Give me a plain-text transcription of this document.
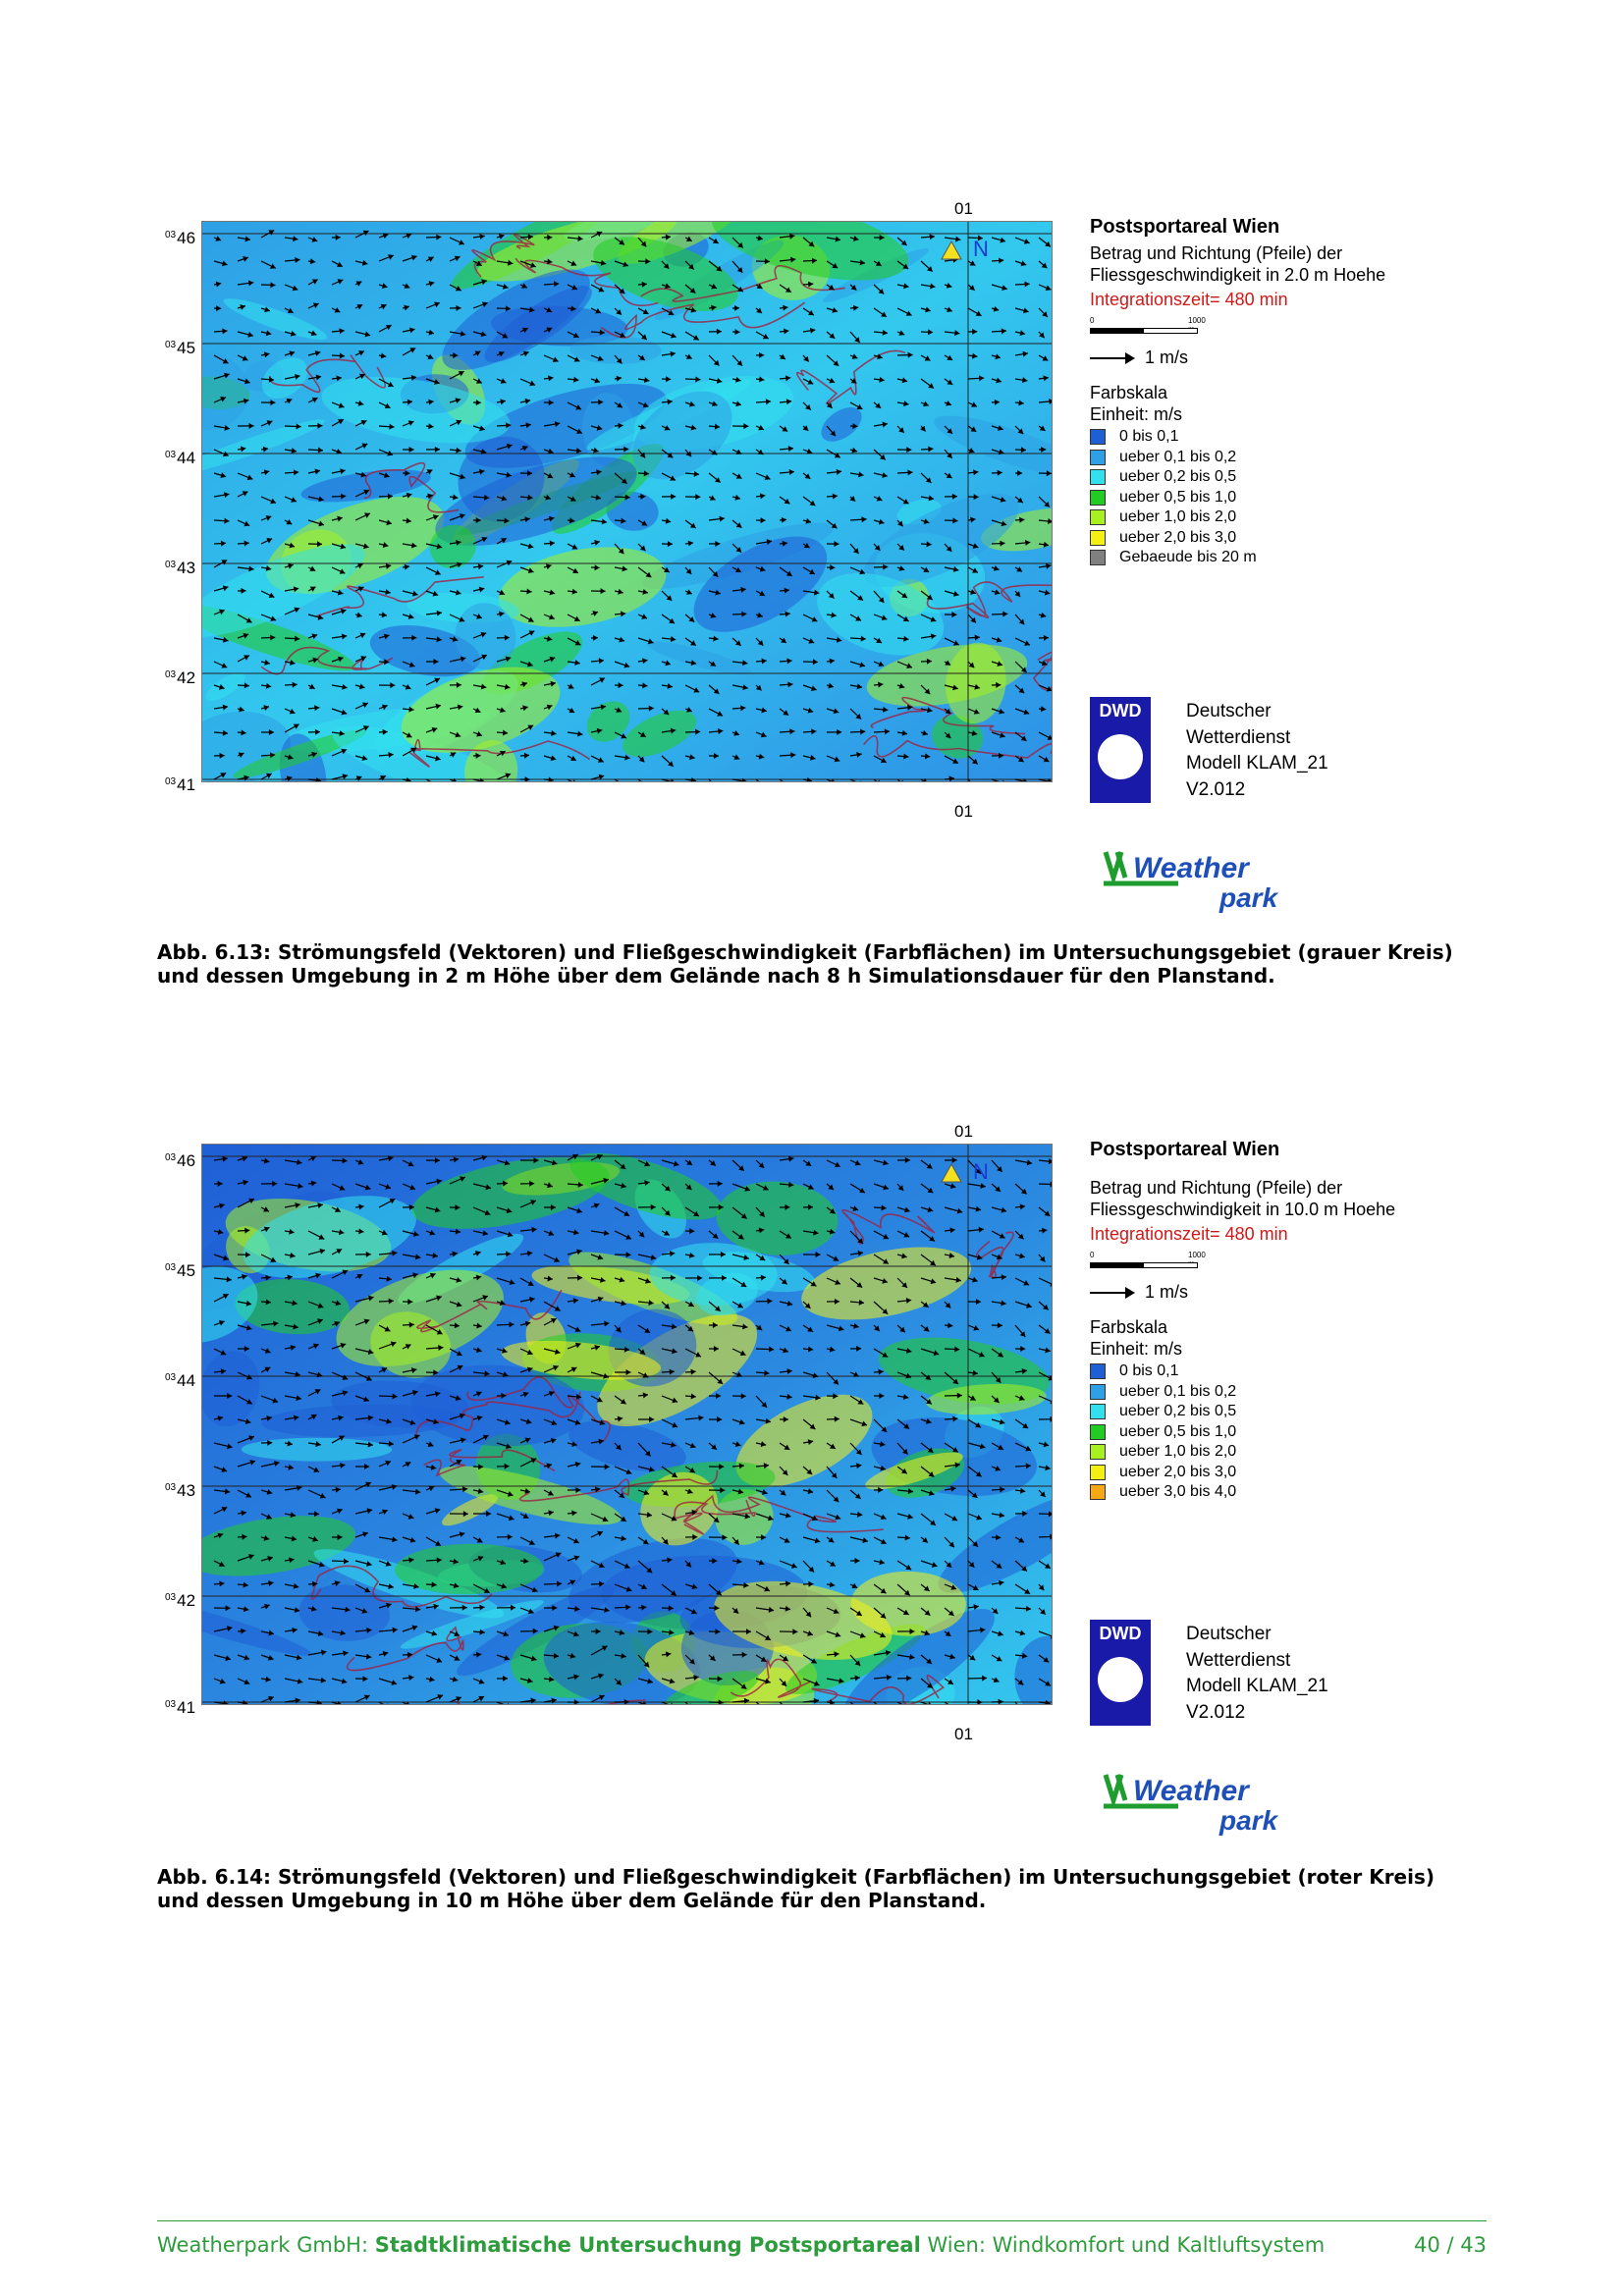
$^{03}$46
$^{03}$45
$^{03}$44
$^{03}$43
$^{03}$42
$^{03}$41
01
01
N
Postsportareal Wien
Betrag und Richtung (Pfeile) der
Fliessgeschwindigkeit in 2.0 m Hoehe
Integrationszeit= 480 min
0	1000
1 m/s
Farbskala
Einheit: m/s
0 bis 0,1
ueber 0,1 bis 0,2
ueber 0,2 bis 0,5
ueber 0,5 bis 1,0
ueber 1,0 bis 2,0
ueber 2,0 bis 3,0
Gebaeude bis 20 m
DWD	Deutscher
Wetterdienst
Modell KLAM_21
V2.012
Weather
park
Abb. 6.13: Strömungsfeld (Vektoren) und Fließgeschwindigkeit (Farbflächen) im Untersuchungsgebiet (grauer Kreis)
und dessen Umgebung in 2 m Höhe über dem Gelände nach 8 h Simulationsdauer für den Planstand.
$^{03}$46
$^{03}$45
$^{03}$44
$^{03}$43
$^{03}$42
$^{03}$41
01
01
N
Postsportareal Wien
Betrag und Richtung (Pfeile) der
Fliessgeschwindigkeit in 10.0 m Hoehe
Integrationszeit= 480 min
0	1000
1 m/s
Farbskala
Einheit: m/s
0 bis 0,1
ueber 0,1 bis 0,2
ueber 0,2 bis 0,5
ueber 0,5 bis 1,0
ueber 1,0 bis 2,0
ueber 2,0 bis 3,0
ueber 3,0 bis 4,0
DWD	Deutscher
Wetterdienst
Modell KLAM_21
V2.012
Weather
park
Abb. 6.14: Strömungsfeld (Vektoren) und Fließgeschwindigkeit (Farbflächen) im Untersuchungsgebiet (roter Kreis)
und dessen Umgebung in 10 m Höhe über dem Gelände für den Planstand.
Weatherpark GmbH: Stadtklimatische Untersuchung Postsportareal Wien: Windkomfort und Kaltluftsystem	40 / 43
